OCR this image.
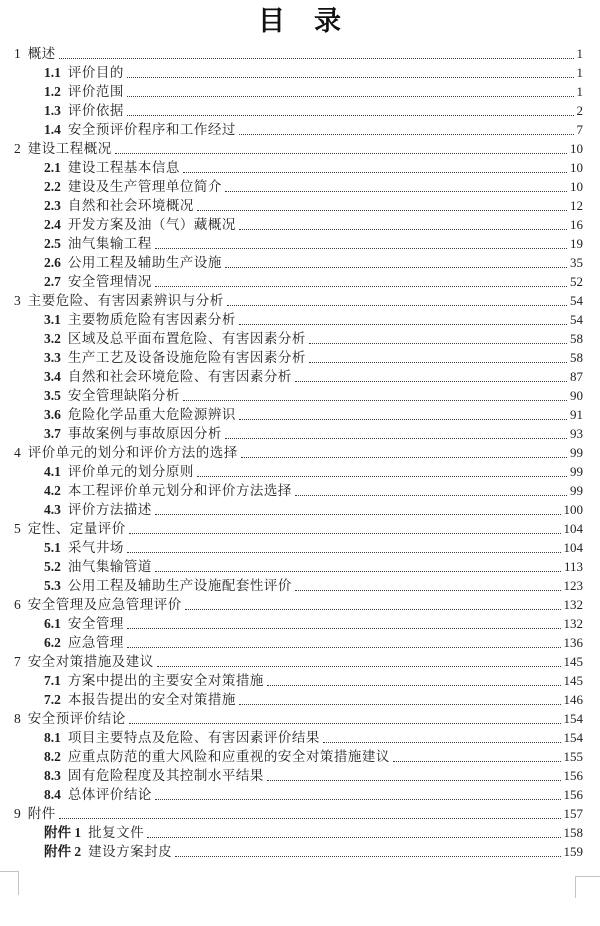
目　录
1 概述	1
1.1 评价目的	1
1.2 评价范围	1
1.3 评价依据	2
1.4 安全预评价程序和工作经过	7
2 建设工程概况	10
2.1 建设工程基本信息	10
2.2 建设及生产管理单位简介	10
2.3 自然和社会环境概况	12
2.4 开发方案及油（气）藏概况	16
2.5 油气集输工程	19
2.6 公用工程及辅助生产设施	35
2.7 安全管理情况	52
3 主要危险、有害因素辨识与分析	54
3.1 主要物质危险有害因素分析	54
3.2 区域及总平面布置危险、有害因素分析	58
3.3 生产工艺及设备设施危险有害因素分析	58
3.4 自然和社会环境危险、有害因素分析	87
3.5 安全管理缺陷分析	90
3.6 危险化学品重大危险源辨识	91
3.7 事故案例与事故原因分析	93
4 评价单元的划分和评价方法的选择	99
4.1 评价单元的划分原则	99
4.2 本工程评价单元划分和评价方法选择	99
4.3 评价方法描述	100
5 定性、定量评价	104
5.1 采气井场	104
5.2 油气集输管道	113
5.3 公用工程及辅助生产设施配套性评价	123
6 安全管理及应急管理评价	132
6.1 安全管理	132
6.2 应急管理	136
7 安全对策措施及建议	145
7.1 方案中提出的主要安全对策措施	145
7.2 本报告提出的安全对策措施	146
8 安全预评价结论	154
8.1 项目主要特点及危险、有害因素评价结果	154
8.2 应重点防范的重大风险和应重视的安全对策措施建议	155
8.3 固有危险程度及其控制水平结果	156
8.4 总体评价结论	156
9 附件	157
附件 1 批复文件	158
附件 2 建设方案封皮	159
